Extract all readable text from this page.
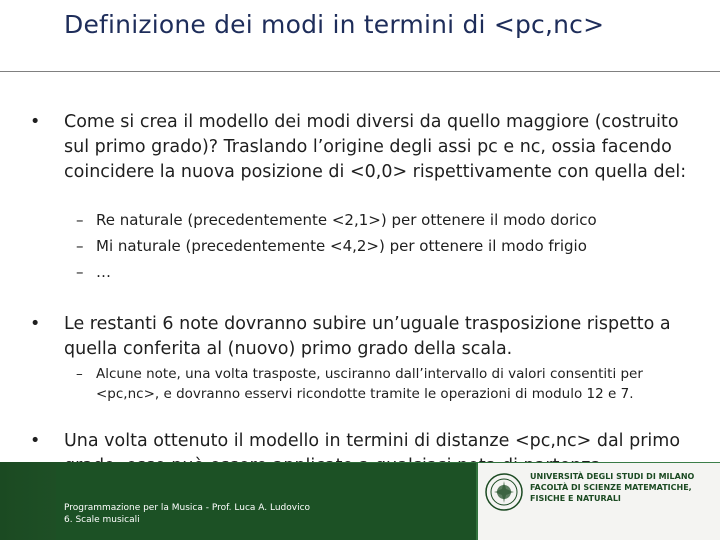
Definizione dei modi in termini di <pc,nc>
• Come si crea il modello dei modi diversi da quello maggiore (costruito sul primo grado)? Traslando l’origine degli assi pc e nc, ossia facendo coincidere la nuova posizione di <0,0> rispettivamente con quella del:
– Re naturale (precedentemente <2,1>) per ottenere il modo dorico
– Mi naturale (precedentemente <4,2>) per ottenere il modo frigio
– …
• Le restanti 6 note dovranno subire un’uguale trasposizione rispetto a quella conferita al (nuovo) primo grado della scala.
– Alcune note, una volta trasposte, usciranno dall’intervallo di valori consentiti per <pc,nc>, e dovranno esservi ricondotte tramite le operazioni di modulo 12 e 7.
• Una volta ottenuto il modello in termini di distanze <pc,nc> dal primo
Programmazione per la Musica - Prof. Luca A. Ludovico
6. Scale musicali
UNIVERSITÀ DEGLI STUDI DI MILANO
FACOLTÀ DI SCIENZE MATEMATICHE,
FISICHE E NATURALI
